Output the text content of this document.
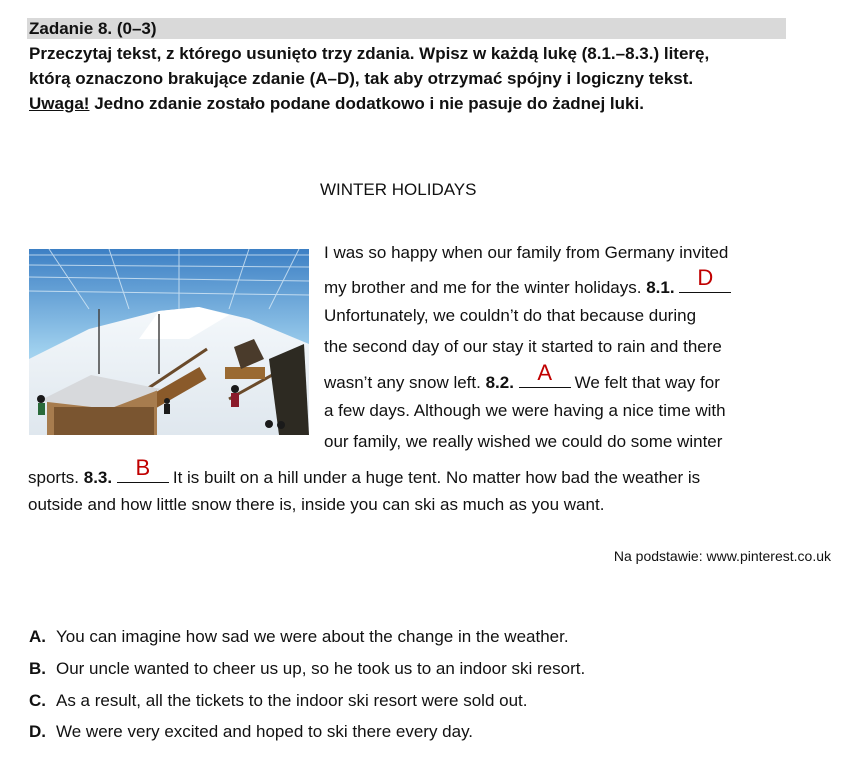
Zadanie 8. (0–3)
Przeczytaj tekst, z którego usunięto trzy zdania. Wpisz w każdą lukę (8.1.–8.3.) literę,
którą oznaczono brakujące zdanie (A–D), tak aby otrzymać spójny i logiczny tekst.
Uwaga! Jedno zdanie zostało podane dodatkowo i nie pasuje do żadnej luki.
WINTER HOLIDAYS
I was so happy when our family from Germany invited
my brother and me for the winter holidays. 8.1.	D
Unfortunately, we couldn’t do that because during
the second day of our stay it started to rain and there
wasn’t any snow left. 8.2.	A	We felt that way for
a few days. Although we were having a nice time with
our family, we really wished we could do some winter
sports. 8.3.	B	It is built on a hill under a huge tent. No matter how bad the weather is
outside and how little snow there is, inside you can ski as much as you want.
Na podstawie: www.pinterest.co.uk
A. You can imagine how sad we were about the change in the weather.
B. Our uncle wanted to cheer us up, so he took us to an indoor ski resort.
C. As a result, all the tickets to the indoor ski resort were sold out.
D. We were very excited and hoped to ski there every day.
